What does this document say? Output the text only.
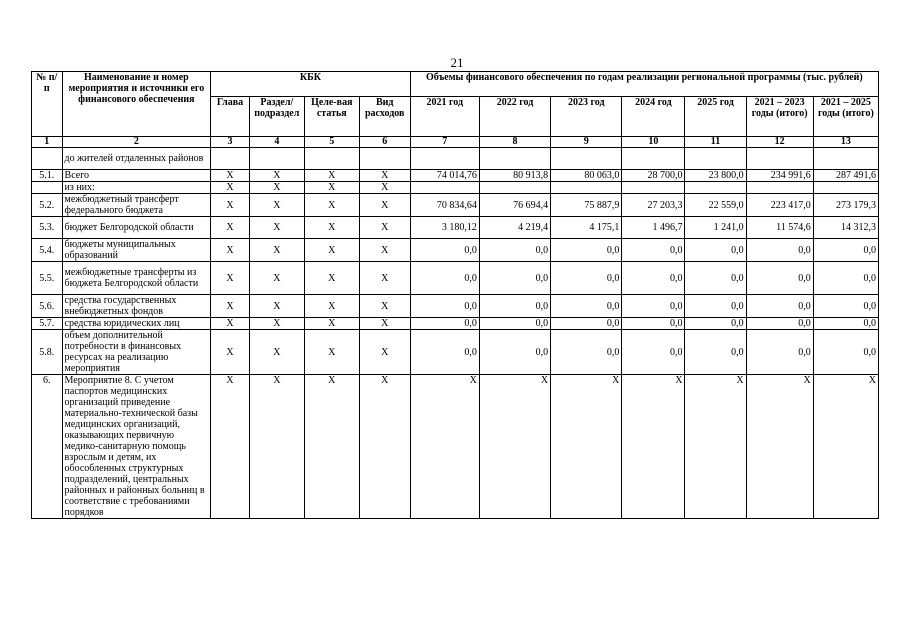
21
№ п/п	Наименование и номер мероприятия и источники его финансового обеспечения	КБК				Объемы финансового обеспечения по годам реализации региональной программы (тыс. рублей)						
		Глава	Раздел/ подраздел	Целе-вая статья	Вид расходов	2021 год	2022 год	2023 год	2024 год	2025 год	2021 – 2023 годы (итого)	2021 – 2025 годы (итого)
1	2	3	4	5	6	7	8	9	10	11	12	13
	до жителей отдаленных районов											
5.1.	Всего	Х	Х	Х	Х	74 014,76	80 913,8	80 063,0	28 700,0	23 800,0	234 991,6	287 491,6
	из них:	Х	Х	Х	Х							
5.2.	межбюджетный трансферт федерального бюджета	Х	Х	Х	Х	70 834,64	76 694,4	75 887,9	27 203,3	22 559,0	223 417,0	273 179,3
5.3.	бюджет Белгородской области	Х	Х	Х	Х	3 180,12	4 219,4	4 175,1	1 496,7	1 241,0	11 574,6	14 312,3
5.4.	бюджеты муниципальных образований	Х	Х	Х	Х	0,0	0,0	0,0	0,0	0,0	0,0	0,0
5.5.	межбюджетные трансферты из бюджета Белгородской области	Х	Х	Х	Х	0,0	0,0	0,0	0,0	0,0	0,0	0,0
5.6.	средства государственных внебюджетных фондов	Х	Х	Х	Х	0,0	0,0	0,0	0,0	0,0	0,0	0,0
5.7.	средства юридических лиц	Х	Х	Х	Х	0,0	0,0	0,0	0,0	0,0	0,0	0,0
5.8.	объем дополнительной потребности в финансовых ресурсах на реализацию мероприятия	Х	Х	Х	Х	0,0	0,0	0,0	0,0	0,0	0,0	0,0
6.	Мероприятие 8. С учетом паспортов медицинских организаций приведение материально-технической базы медицинских организаций, оказывающих первичную медико-санитарную помощь взрослым и детям, их обособленных структурных подразделений, центральных районных и районных больниц в соответствие с требованиями порядков	Х	Х	Х	Х	Х	Х	Х	Х	Х	Х	Х
